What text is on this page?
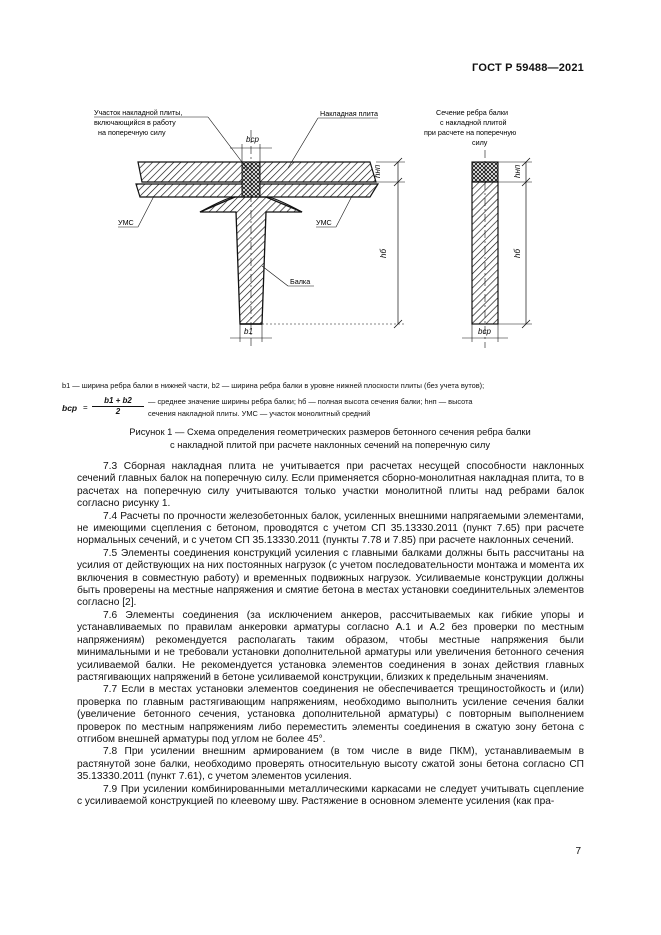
ГОСТ Р 59488—2021
hнп
hб
bср
b1
Участок накладной плиты,
включающийся в работу
на поперечную силу
Накладная плита
УМС	УМС
Балка
Сечение ребра балки
с накладной плитой
при расчете на поперечную
силу
hнп
hб
bср
b1 — ширина ребра балки в нижней части, b2 — ширина ребра балки в уровне нижней плоскости плиты (без учета вутов);
bср = $\frac{b1 + b2}{2}$ — среднее значение ширины ребра балки; hб — полная высота сечения балки; hнп — высота
сечения накладной плиты. УМС — участок монолитный средний
Рисунок 1 — Схема определения геометрических размеров бетонного сечения ребра балки
с накладной плитой при расчете наклонных сечений на поперечную силу

7.3 Сборная накладная плита не учитывается при расчетах несущей способности наклонных сечений главных балок на поперечную силу. Если применяется сборно-монолитная накладная плита, то в расчетах на поперечную силу учитываются только участки монолитной плиты над ребрами балок согласно рисунку 1.

7.4 Расчеты по прочности железобетонных балок, усиленных внешними напрягаемыми элементами, не имеющими сцепления с бетоном, проводятся с учетом СП 35.13330.2011 (пункт 7.65) при расчете нормальных сечений, и с учетом СП 35.13330.2011 (пункты 7.78 и 7.85) при расчете наклонных сечений.

7.5 Элементы соединения конструкций усиления с главными балками должны быть рассчитаны на усилия от действующих на них постоянных нагрузок (с учетом последовательности монтажа и момента их включения в совместную работу) и временных подвижных нагрузок. Усиливаемые конструкции должны быть проверены на местные напряжения и смятие бетона в местах установки соединительных элементов согласно [2].

7.6 Элементы соединения (за исключением анкеров, рассчитываемых как гибкие упоры и устанавливаемых по правилам анкеровки арматуры согласно А.1 и А.2 без проверки по местным напряжениям) рекомендуется располагать таким образом, чтобы местные напряжения были минимальными и не требовали установки дополнительной арматуры или увеличения бетонного сечения усиливаемой балки. Не рекомендуется установка элементов соединения в зонах действия главных растягивающих напряжений в бетоне усиливаемой конструкции, близких к предельным значениям.

7.7 Если в местах установки элементов соединения не обеспечивается трещиностойкость и (или) проверка по главным растягивающим напряжениям, необходимо выполнить усиление сечения балки (увеличение бетонного сечения, установка дополнительной арматуры) с повторным выполнением проверок по местным напряжениям либо переместить элементы соединения в сжатую зону бетона с отгибом внешней арматуры под углом не более 45°.

7.8 При усилении внешним армированием (в том числе в виде ПКМ), устанавливаемым в растянутой зоне балки, необходимо проверять относительную высоту сжатой зоны бетона согласно СП 35.13330.2011 (пункт 7.61), с учетом элементов усиления.

7.9 При усилении комбинированными металлическими каркасами не следует учитывать сцепление с усиливаемой конструкцией по клеевому шву. Растяжение в основном элементе усиления (как пра-

7
